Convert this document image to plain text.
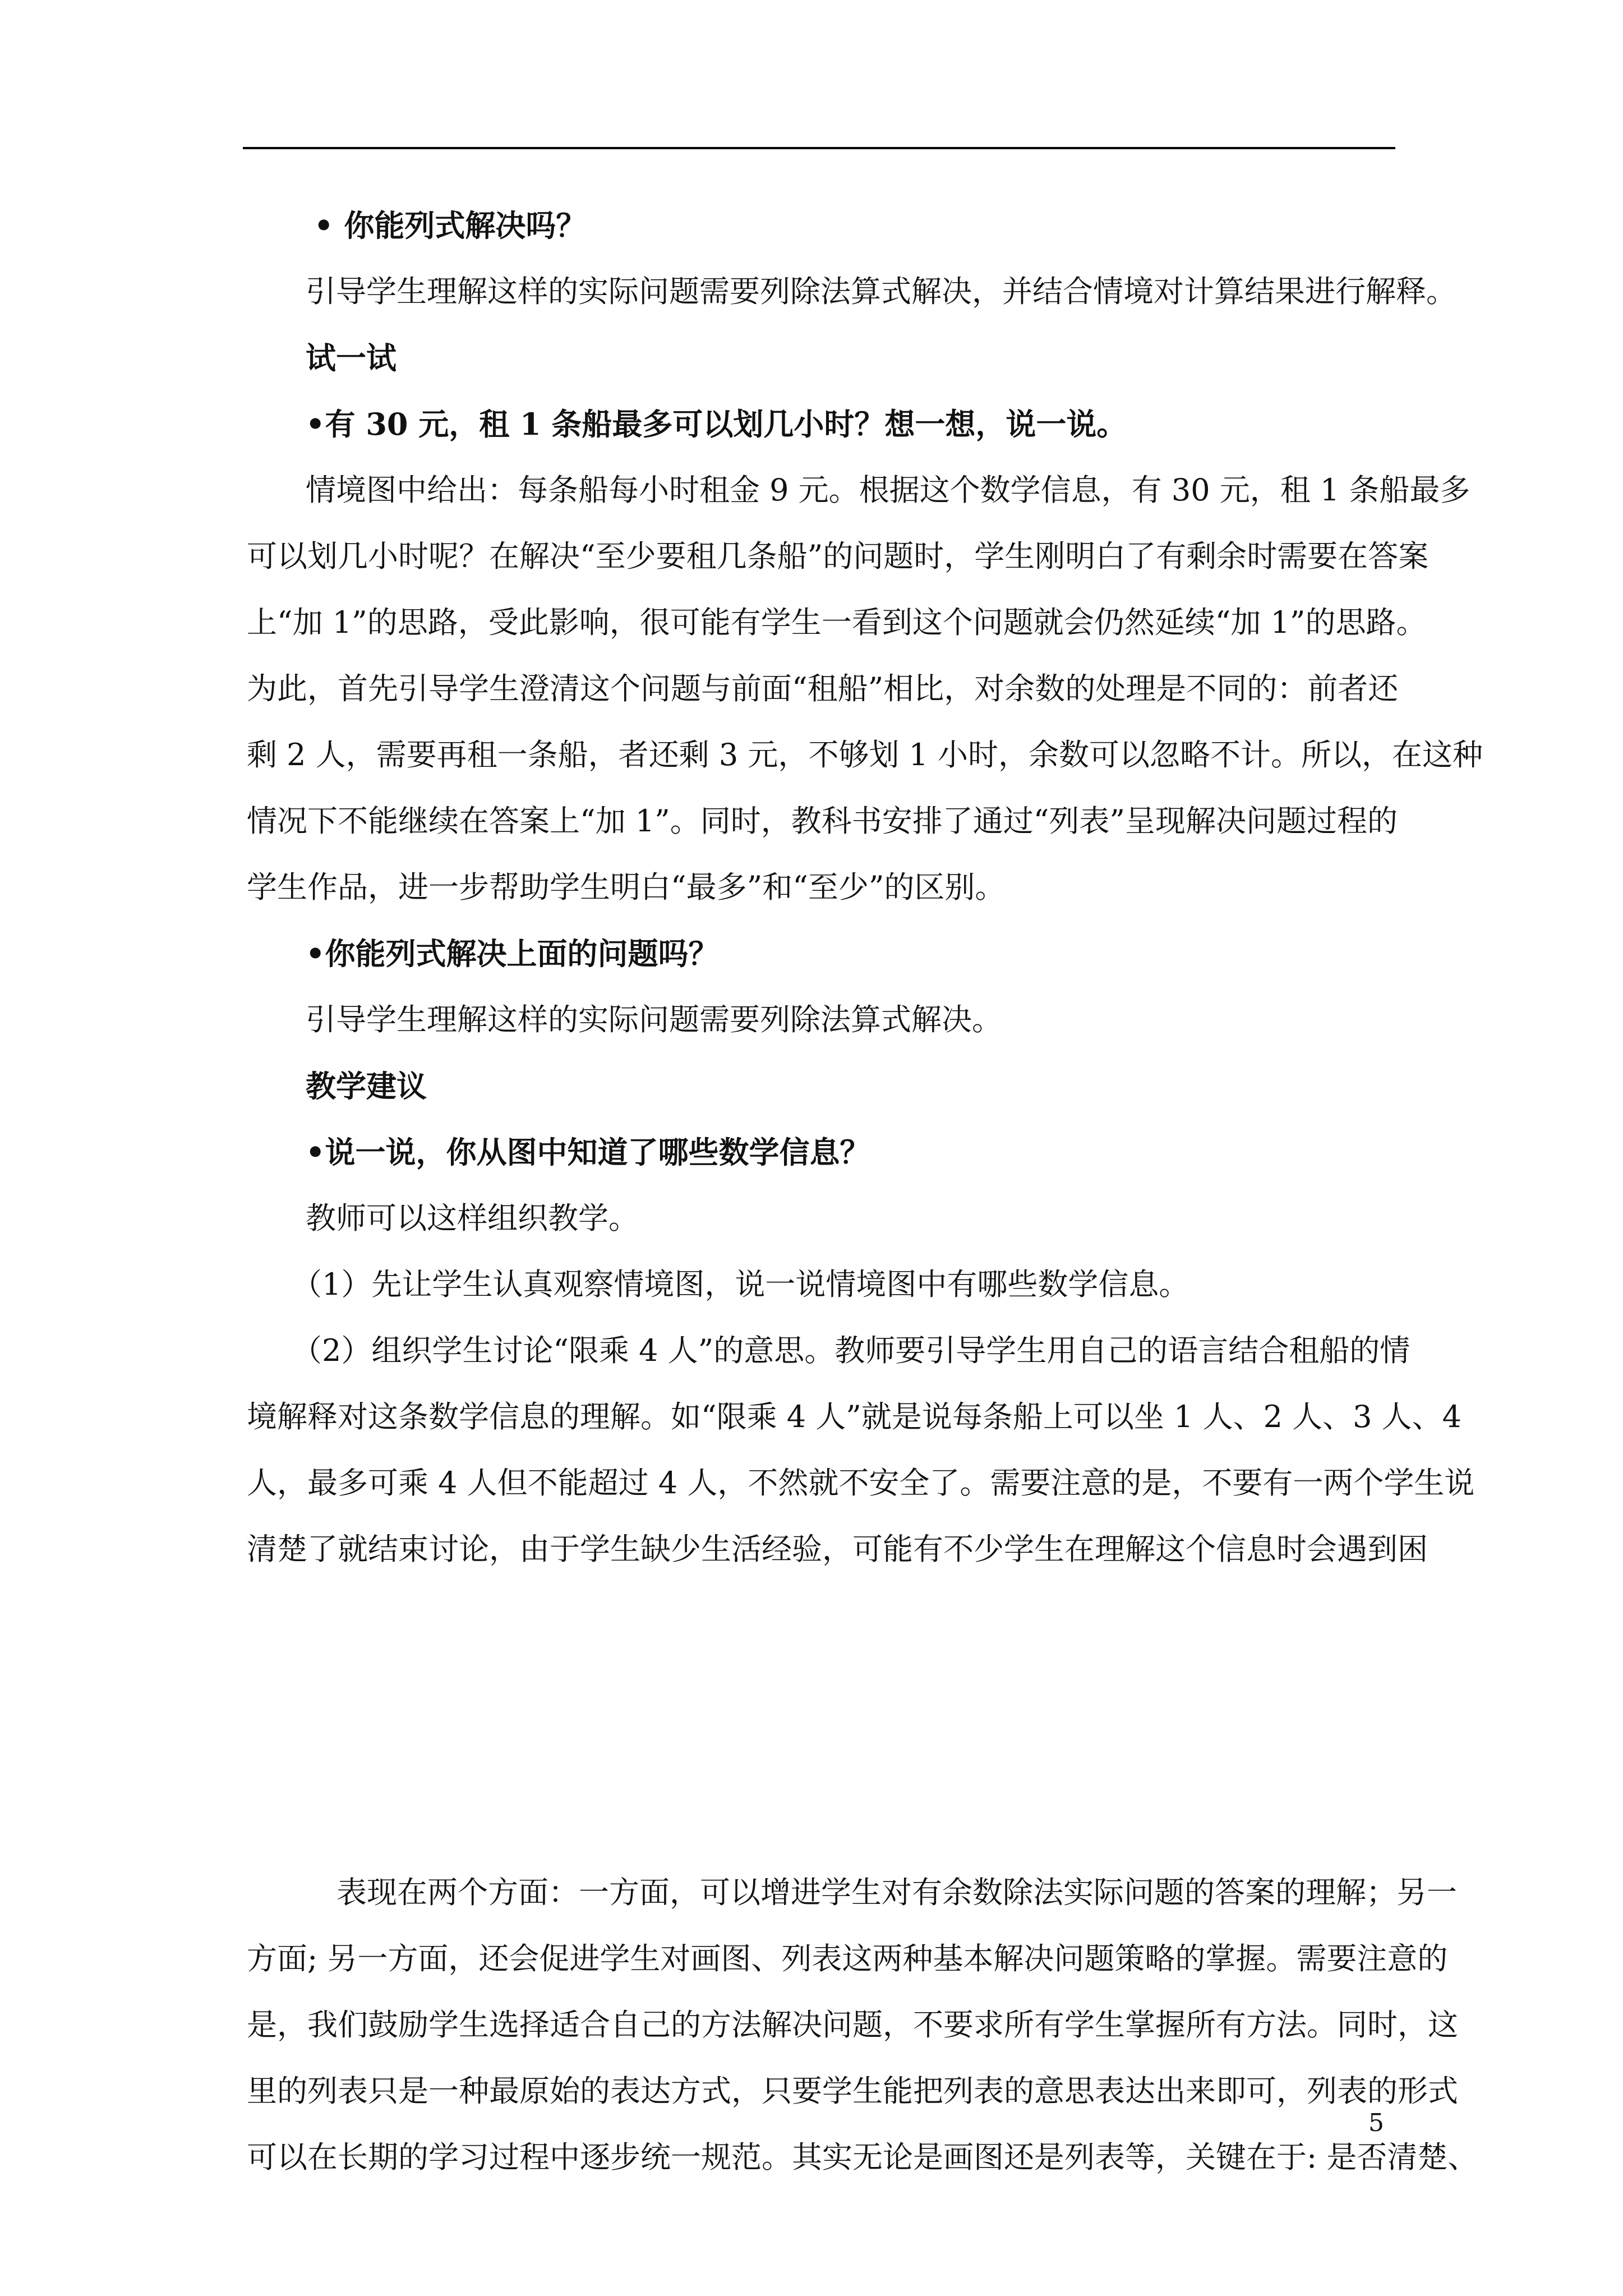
• 你能列式解决吗？
引导学生理解这样的实际问题需要列除法算式解决，并结合情境对计算结果进行解释。
试一试
•有 30 元，租 1 条船最多可以划几小时？想一想，说一说。
情境图中给出：每条船每小时租金 9 元。根据这个数学信息，有 30 元，租 1 条船最多
可以划几小时呢？在解决“至少要租几条船”的问题时，学生刚明白了有剩余时需要在答案
上“加 1”的思路，受此影响，很可能有学生一看到这个问题就会仍然延续“加 1”的思路。
为此，首先引导学生澄清这个问题与前面“租船”相比，对余数的处理是不同的：前者还
剩 2 人，需要再租一条船，者还剩 3 元，不够划 1 小时，余数可以忽略不计。所以，在这种
情况下不能继续在答案上“加 1”。同时，教科书安排了通过“列表”呈现解决问题过程的
学生作品，进一步帮助学生明白“最多”和“至少”的区别。
•你能列式解决上面的问题吗？
引导学生理解这样的实际问题需要列除法算式解决。
教学建议
•说一说，你从图中知道了哪些数学信息？
教师可以这样组织教学。
（1）先让学生认真观察情境图，说一说情境图中有哪些数学信息。
（2）组织学生讨论“限乘 4 人”的意思。教师要引导学生用自己的语言结合租船的情
境解释对这条数学信息的理解。如“限乘 4 人”就是说每条船上可以坐 1 人、2 人、3 人、4
人，最多可乘 4 人但不能超过 4 人，不然就不安全了。需要注意的是，不要有一两个学生说
清楚了就结束讨论，由于学生缺少生活经验，可能有不少学生在理解这个信息时会遇到困
表现在两个方面：一方面，可以增进学生对有余数除法实际问题的答案的理解；另一
方面; 另一方面，还会促进学生对画图、列表这两种基本解决问题策略的掌握。需要注意的
是，我们鼓励学生选择适合自己的方法解决问题，不要求所有学生掌握所有方法。同时，这
里的列表只是一种最原始的表达方式，只要学生能把列表的意思表达出来即可，列表的形式
可以在长期的学习过程中逐步统一规范。其实无论是画图还是列表等，关键在于: 是否清楚、
5
